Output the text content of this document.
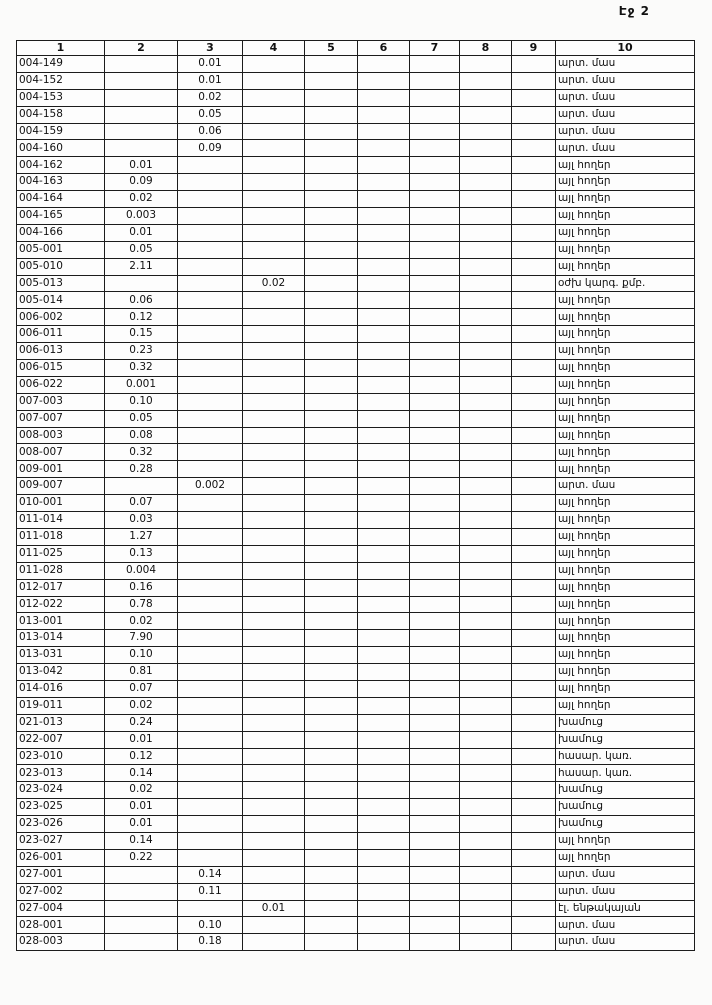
Էջ 2
ն
1	2	3	4	5	6	7	8	9	10
004-149		0.01							արտ. մաս
004-152		0.01							արտ. մաս
004-153		0.02							արտ. մաս
004-158		0.05							արտ. մաս
004-159		0.06							արտ. մաս
004-160		0.09							արտ. մաս
004-162	0.01								այլ հողեր
004-163	0.09								այլ հողեր
004-164	0.02								այլ հողեր
004-165	0.003								այլ հողեր
004-166	0.01								այլ հողեր
005-001	0.05								այլ հողեր
005-010	2.11								այլ հողեր
005-013			0.02						օժխ կարգ. քմբ.
005-014	0.06								այլ հողեր
006-002	0.12								այլ հողեր
006-011	0.15								այլ հողեր
006-013	0.23								այլ հողեր
006-015	0.32								այլ հողեր
006-022	0.001								այլ հողեր
007-003	0.10								այլ հողեր
007-007	0.05								այլ հողեր
008-003	0.08								այլ հողեր
008-007	0.32								այլ հողեր
009-001	0.28								այլ հողեր
009-007		0.002							արտ. մաս
010-001	0.07								այլ հողեր
011-014	0.03								այլ հողեր
011-018	1.27								այլ հողեր
011-025	0.13								այլ հողեր
011-028	0.004								այլ հողեր
012-017	0.16								այլ հողեր
012-022	0.78								այլ հողեր
013-001	0.02								այլ հողեր
013-014	7.90								այլ հողեր
013-031	0.10								այլ հողեր
013-042	0.81								այլ հողեր
014-016	0.07								այլ հողեր
019-011	0.02								այլ հողեր
021-013	0.24								խամուց
022-007	0.01								խամուց
023-010	0.12								հասար. կառ.
023-013	0.14								հասար. կառ.
023-024	0.02								խամուց
023-025	0.01								խամուց
023-026	0.01								խամուց
023-027	0.14								այլ հողեր
026-001	0.22								այլ հողեր
027-001		0.14							արտ. մաս
027-002		0.11							արտ. մաս
027-004			0.01						էլ. ենթակայան
028-001		0.10							արտ. մաս
028-003		0.18							արտ. մաս
